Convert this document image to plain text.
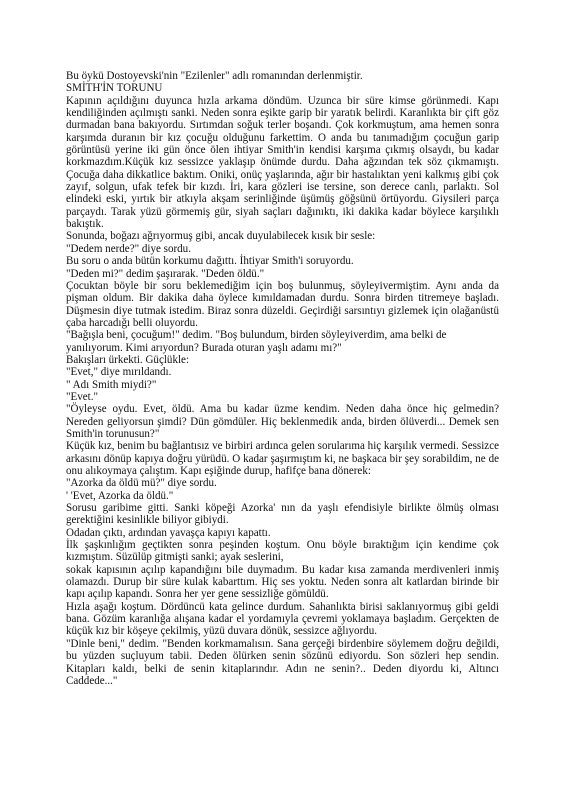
Bu öykü Dostoyevski'nin "Ezilenler" adlı romanından derlenmiştir.

SMİTH'İN TORUNU

Kapının açıldığını duyunca hızla arkama döndüm. Uzunca bir süre kimse görünmedi. Kapı kendiliğinden açılmıştı sanki. Neden sonra eşikte garip bir yaratık belirdi. Karanlıkta bir çift göz durmadan bana bakıyordu. Sırtımdan soğuk terler boşandı. Çok korkmuştum, ama hemen sonra karşımda duranın bir kız çocuğu olduğunu farkettim. O anda bu tanımadığım çocuğun garip görüntüsü yerine iki gün önce ölen ihtiyar Smith'in kendisi karşıma çıkmış olsaydı, bu kadar korkmazdım.Küçük kız sessizce yaklaşıp önümde durdu. Daha ağzından tek söz çıkmamıştı. Çocuğa daha dikkatlice baktım. Oniki, onüç yaşlarında, ağır bir hastalıktan yeni kalkmış gibi çok zayıf, solgun, ufak tefek bir kızdı. İri, kara gözleri ise tersine, son derece canlı, parlaktı. Sol elindeki eski, yırtık bir atkıyla akşam serinliğinde üşümüş göğsünü örtüyordu. Giysileri parça parçaydı. Tarak yüzü görmemiş gür, siyah saçları dağınıktı, iki dakika kadar böylece karşılıklı bakıştık.

Sonunda, boğazı ağrıyormuş gibi, ancak duyulabilecek kısık bir sesle:

"Dedem nerde?" diye sordu.

Bu soru o anda bütün korkumu dağıttı. İhtiyar Smith'i soruyordu.

"Deden mi?" dedim şaşırarak. "Deden öldü."

Çocuktan böyle bir soru beklemediğim için boş bulunmuş, söyleyivermiştim. Aynı anda da pişman oldum. Bir dakika daha öylece kımıldamadan durdu. Sonra birden titremeye başladı. Düşmesin diye tutmak istedim. Biraz sonra düzeldi. Geçirdiği sarsıntıyı gizlemek için olağanüstü çaba harcadığı belli oluyordu.

"Bağışla beni, çocuğum!" dedim. "Boş bulundum, birden söyleyiverdim, ama belki de yanılıyorum. Kimi arıyordun? Burada oturan yaşlı adamı mı?"

Bakışları ürkekti. Güçlükle:

"Evet," diye mırıldandı.

" Adı Smith miydi?"

"Evet."

"Öyleyse oydu. Evet, öldü. Ama bu kadar üzme kendim. Neden daha önce hiç gelmedin? Nereden geliyorsun şimdi? Dün gömdüler. Hiç beklenmedik anda, birden ölüverdi... Demek sen Smith'in torunusun?"

Küçük kız, benim bu bağlantısız ve birbiri ardınca gelen sorularıma hiç karşılık vermedi. Sessizce arkasını dönüp kapıya doğru yürüdü. O kadar şaşırmıştım ki, ne başkaca bir şey sorabildim, ne de onu alıkoymaya çalıştım. Kapı eşiğinde durup, hafifçe bana dönerek:

"Azorka da öldü mü?" diye sordu.

' 'Evet, Azorka da öldü."

Sorusu garibime gitti. Sanki köpeği Azorka' nın da yaşlı efendisiyle birlikte ölmüş olması gerektiğini kesinlikle biliyor gibiydi.

Odadan çıktı, ardından yavaşça kapıyı kapattı.

İlk şaşkınlığım geçtikten sonra peşinden koştum. Onu böyle bıraktığım için kendime çok kızmıştım. Süzülüp gitmişti sanki; ayak seslerini,

sokak kapısının açılıp kapandığını bile duymadım. Bu kadar kısa zamanda merdivenleri inmiş olamazdı. Durup bir süre kulak kabarttım. Hiç ses yoktu. Neden sonra alt katlardan birinde bir kapı açılıp kapandı. Sonra her yer gene sessizliğe gömüldü.

Hızla aşağı koştum. Dördüncü kata gelince durdum. Sahanlıkta birisi saklanıyormuş gibi geldi bana. Gözüm karanlığa alışana kadar el yordamıyla çevremi yoklamaya başladım. Gerçekten de küçük kız bir köşeye çekilmiş, yüzü duvara dönük, sessizce ağlıyordu.

"Dinle beni," dedim. "Benden korkmamalısın. Sana gerçeği birdenbire söylemem doğru değildi, bu yüzden suçluyum tabii. Deden ölürken senin sözünü ediyordu. Son sözleri hep sendin. Kitapları kaldı, belki de senin kitaplarındır. Adın ne senin?.. Deden diyordu ki, Altıncı Caddede..."
